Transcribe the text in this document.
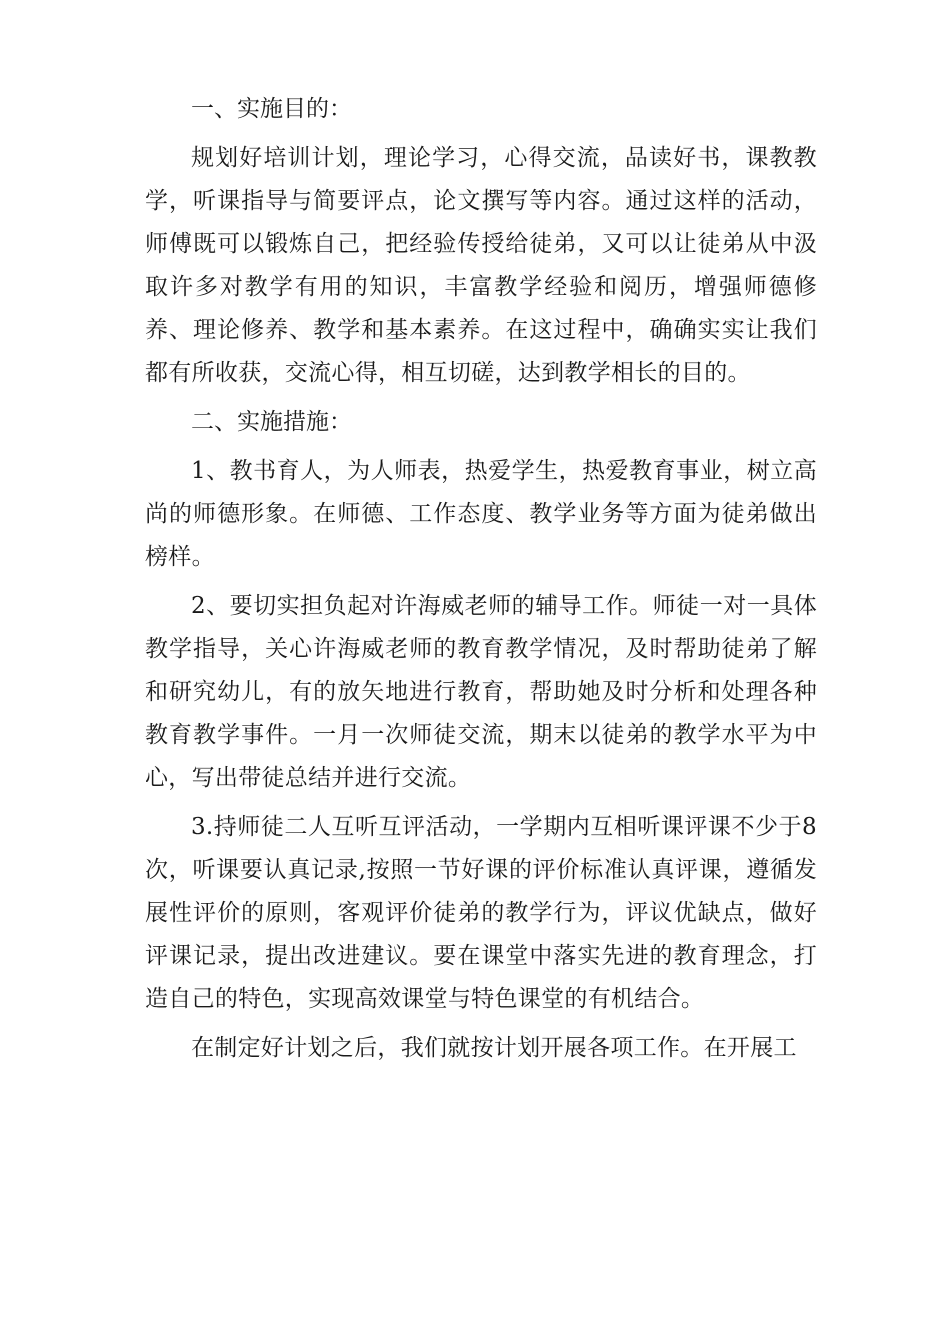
一、实施目的：

规划好培训计划，理论学习，心得交流，品读好书，课教教学，听课指导与简要评点，论文撰写等内容。通过这样的活动，师傅既可以锻炼自己，把经验传授给徒弟，又可以让徒弟从中汲取许多对教学有用的知识，丰富教学经验和阅历，增强师德修养、理论修养、教学和基本素养。在这过程中，确确实实让我们都有所收获，交流心得，相互切磋，达到教学相长的目的。

二、实施措施：

1、教书育人，为人师表，热爱学生，热爱教育事业，树立高尚的师德形象。在师德、工作态度、教学业务等方面为徒弟做出榜样。

2、要切实担负起对许海威老师的辅导工作。师徒一对一具体教学指导，关心许海威老师的教育教学情况，及时帮助徒弟了解和研究幼儿，有的放矢地进行教育，帮助她及时分析和处理各种教育教学事件。一月一次师徒交流，期末以徒弟的教学水平为中心，写出带徒总结并进行交流。

3.持师徒二人互听互评活动，一学期内互相听课评课不少于8次，听课要认真记录,按照一节好课的评价标准认真评课，遵循发展性评价的原则，客观评价徒弟的教学行为，评议优缺点，做好评课记录，提出改进建议。要在课堂中落实先进的教育理念，打造自己的特色，实现高效课堂与特色课堂的有机结合。

在制定好计划之后，我们就按计划开展各项工作。在开展工
